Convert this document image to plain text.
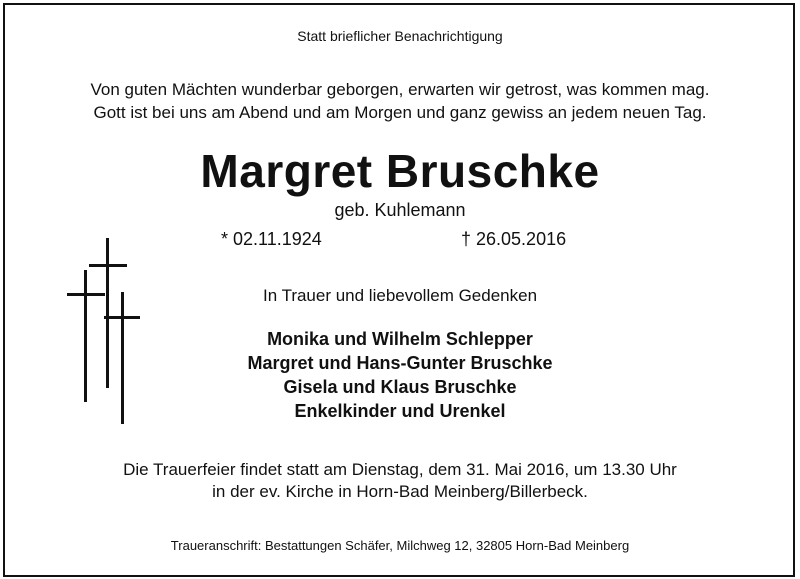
Statt brieflicher Benachrichtigung
Von guten Mächten wunderbar geborgen, erwarten wir getrost, was kommen mag.
Gott ist bei uns am Abend und am Morgen und ganz gewiss an jedem neuen Tag.
Margret Bruschke
geb. Kuhlemann
* 02.11.1924	† 26.05.2016
In Trauer und liebevollem Gedenken
Monika und Wilhelm Schlepper
Margret und Hans-Gunter Bruschke
Gisela und Klaus Bruschke
Enkelkinder und Urenkel
Die Trauerfeier findet statt am Dienstag, dem 31. Mai 2016, um 13.30 Uhr
in der ev. Kirche in Horn-Bad Meinberg/Billerbeck.
Traueranschrift: Bestattungen Schäfer, Milchweg 12, 32805 Horn-Bad Meinberg
